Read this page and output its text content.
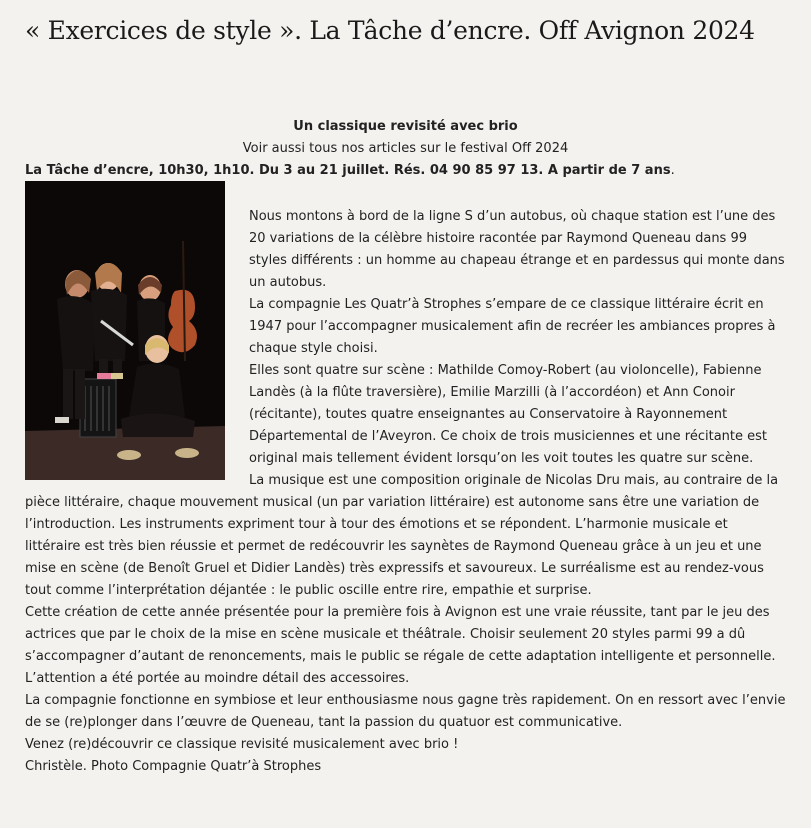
« Exercices de style ». La Tâche d’encre. Off Avignon 2024
Un classique revisité avec brio
Voir aussi tous nos articles sur le festival Off 2024
La Tâche d’encre, 10h30, 1h10. Du 3 au 21 juillet. Rés. 04 90 85 97 13. A partir de 7 ans.

Nous montons à bord de la ligne S d’un autobus, où chaque station est l’une des 20 variations de la célèbre histoire racontée par Raymond Queneau dans 99 styles différents : un homme au chapeau étrange et en pardessus qui monte dans un autobus.

La compagnie Les Quatr’à Strophes s’empare de ce classique littéraire écrit en 1947 pour l’accompagner musicalement afin de recréer les ambiances propres à chaque style choisi.

Elles sont quatre sur scène : Mathilde Comoy-Robert (au violoncelle), Fabienne Landès (à la flûte traversière), Emilie Marzilli (à l’accordéon) et Ann Conoir (récitante), toutes quatre enseignantes au Conservatoire à Rayonnement Départemental de l’Aveyron. Ce choix de trois musiciennes et une récitante est original mais tellement évident lorsqu’on les voit toutes les quatre sur scène.

La musique est une composition originale de Nicolas Dru mais, au contraire de la pièce littéraire, chaque mouvement musical (un par variation littéraire) est autonome sans être une variation de l’introduction. Les instruments expriment tour à tour des émotions et se répondent. L’harmonie musicale et littéraire est très bien réussie et permet de redécouvrir les saynètes de Raymond Queneau grâce à un jeu et une mise en scène (de Benoît Gruel et Didier Landès) très expressifs et savoureux. Le surréalisme est au rendez-vous tout comme l’interprétation déjantée : le public oscille entre rire, empathie et surprise.

Cette création de cette année présentée pour la première fois à Avignon est une vraie réussite, tant par le jeu des actrices que par le choix de la mise en scène musicale et théâtrale. Choisir seulement 20 styles parmi 99 a dû s’accompagner d’autant de renoncements, mais le public se régale de cette adaptation intelligente et personnelle. L’attention a été portée au moindre détail des accessoires.

La compagnie fonctionne en symbiose et leur enthousiasme nous gagne très rapidement. On en ressort avec l’envie de se (re)plonger dans l’œuvre de Queneau, tant la passion du quatuor est communicative.

Venez (re)découvrir ce classique revisité musicalement avec brio !

Christèle. Photo Compagnie Quatr’à Strophes
